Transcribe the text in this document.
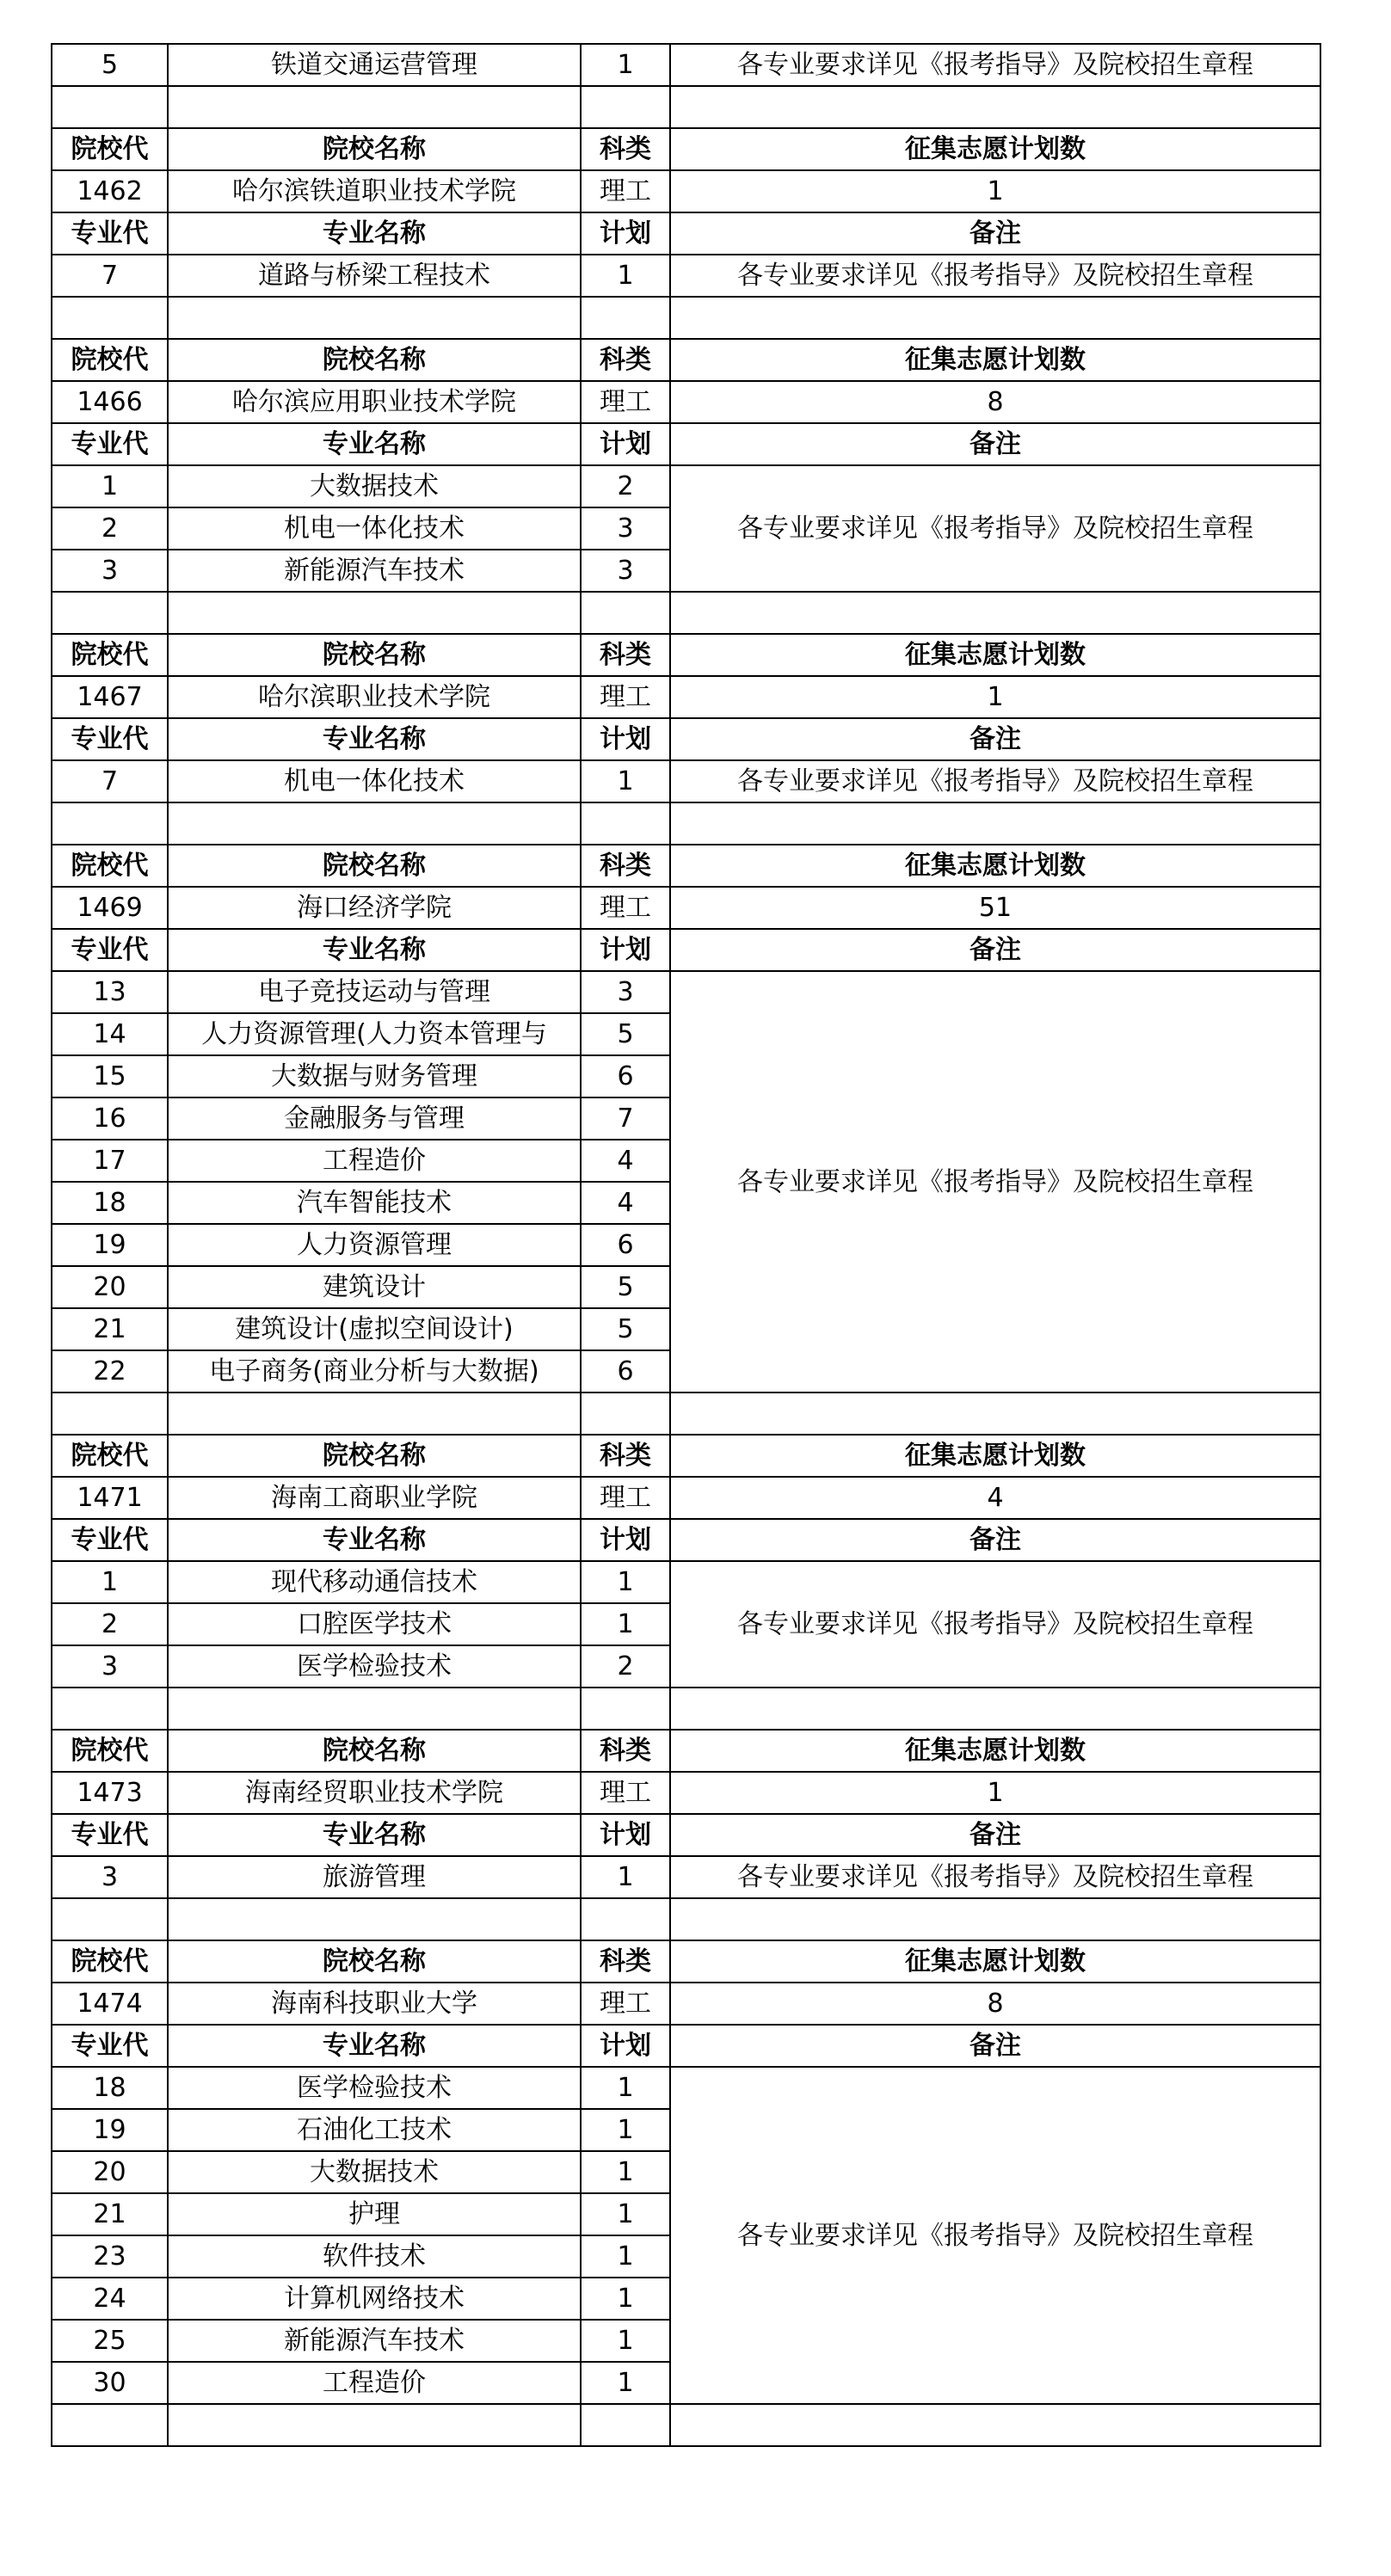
5	铁道交通运营管理	1	各专业要求详见《报考指导》及院校招生章程

院校代	院校名称	科类	征集志愿计划数
1462	哈尔滨铁道职业技术学院	理工	1
专业代	专业名称	计划	备注
7	道路与桥梁工程技术	1	各专业要求详见《报考指导》及院校招生章程

院校代	院校名称	科类	征集志愿计划数
1466	哈尔滨应用职业技术学院	理工	8
专业代	专业名称	计划	备注
1	大数据技术	2	各专业要求详见《报考指导》及院校招生章程
2	机电一体化技术	3	
3	新能源汽车技术	3	

院校代	院校名称	科类	征集志愿计划数
1467	哈尔滨职业技术学院	理工	1
专业代	专业名称	计划	备注
7	机电一体化技术	1	各专业要求详见《报考指导》及院校招生章程

院校代	院校名称	科类	征集志愿计划数
1469	海口经济学院	理工	51
专业代	专业名称	计划	备注
13	电子竞技运动与管理	3	各专业要求详见《报考指导》及院校招生章程
14	人力资源管理(人力资本管理与	5	
15	大数据与财务管理	6	
16	金融服务与管理	7	
17	工程造价	4	
18	汽车智能技术	4	
19	人力资源管理	6	
20	建筑设计	5	
21	建筑设计(虚拟空间设计)	5	
22	电子商务(商业分析与大数据)	6	

院校代	院校名称	科类	征集志愿计划数
1471	海南工商职业学院	理工	4
专业代	专业名称	计划	备注
1	现代移动通信技术	1	各专业要求详见《报考指导》及院校招生章程
2	口腔医学技术	1	
3	医学检验技术	2	

院校代	院校名称	科类	征集志愿计划数
1473	海南经贸职业技术学院	理工	1
专业代	专业名称	计划	备注
3	旅游管理	1	各专业要求详见《报考指导》及院校招生章程

院校代	院校名称	科类	征集志愿计划数
1474	海南科技职业大学	理工	8
专业代	专业名称	计划	备注
18	医学检验技术	1	各专业要求详见《报考指导》及院校招生章程
19	石油化工技术	1	
20	大数据技术	1	
21	护理	1	
23	软件技术	1	
24	计算机网络技术	1	
25	新能源汽车技术	1	
30	工程造价	1	
